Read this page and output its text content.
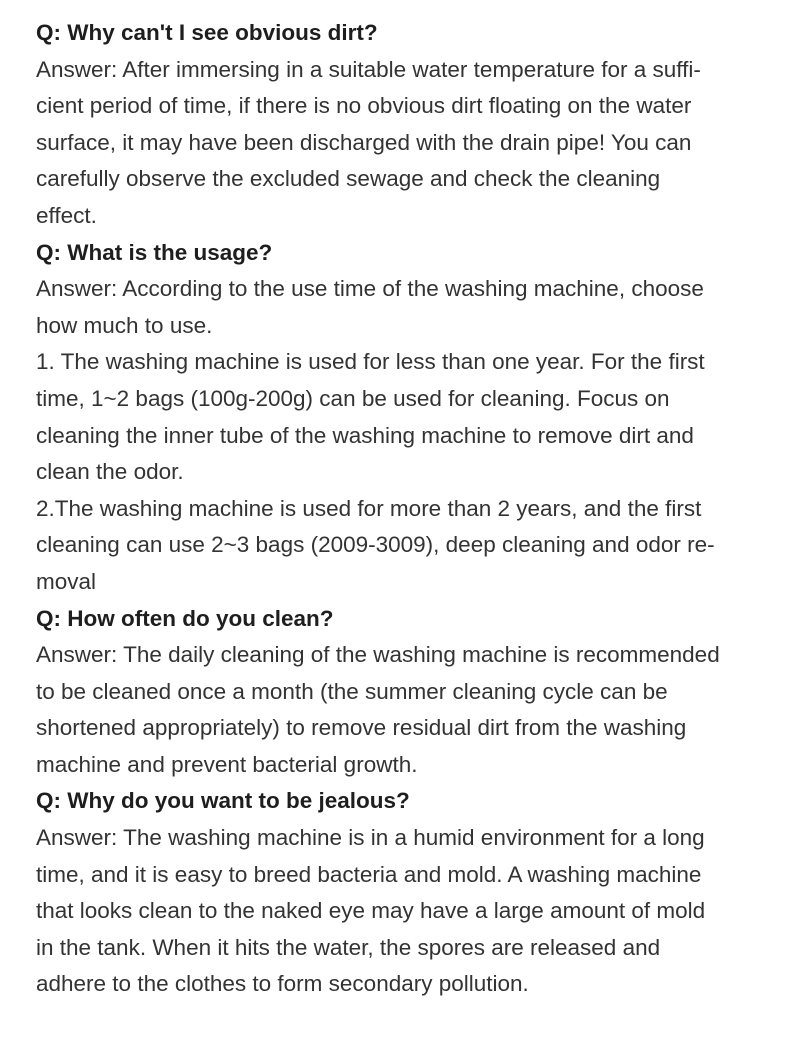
Q: Why can't I see obvious dirt?
Answer: After immersing in a suitable water temperature for a suffi-
cient period of time, if there is no obvious dirt floating on the water
surface, it may have been discharged with the drain pipe! You can
carefully observe the excluded sewage and check the cleaning
effect.
Q: What is the usage?
Answer: According to the use time of the washing machine, choose
how much to use.
1. The washing machine is used for less than one year. For the first
time, 1~2 bags (100g-200g) can be used for cleaning. Focus on
cleaning the inner tube of the washing machine to remove dirt and
clean the odor.
2.The washing machine is used for more than 2 years, and the first
cleaning can use 2~3 bags (2009-3009), deep cleaning and odor re-
moval
Q: How often do you clean?
Answer: The daily cleaning of the washing machine is recommended
to be cleaned once a month (the summer cleaning cycle can be
shortened appropriately) to remove residual dirt from the washing
machine and prevent bacterial growth.
Q: Why do you want to be jealous?
Answer: The washing machine is in a humid environment for a long
time, and it is easy to breed bacteria and mold. A washing machine
that looks clean to the naked eye may have a large amount of mold
in the tank. When it hits the water, the spores are released and
adhere to the clothes to form secondary pollution.
